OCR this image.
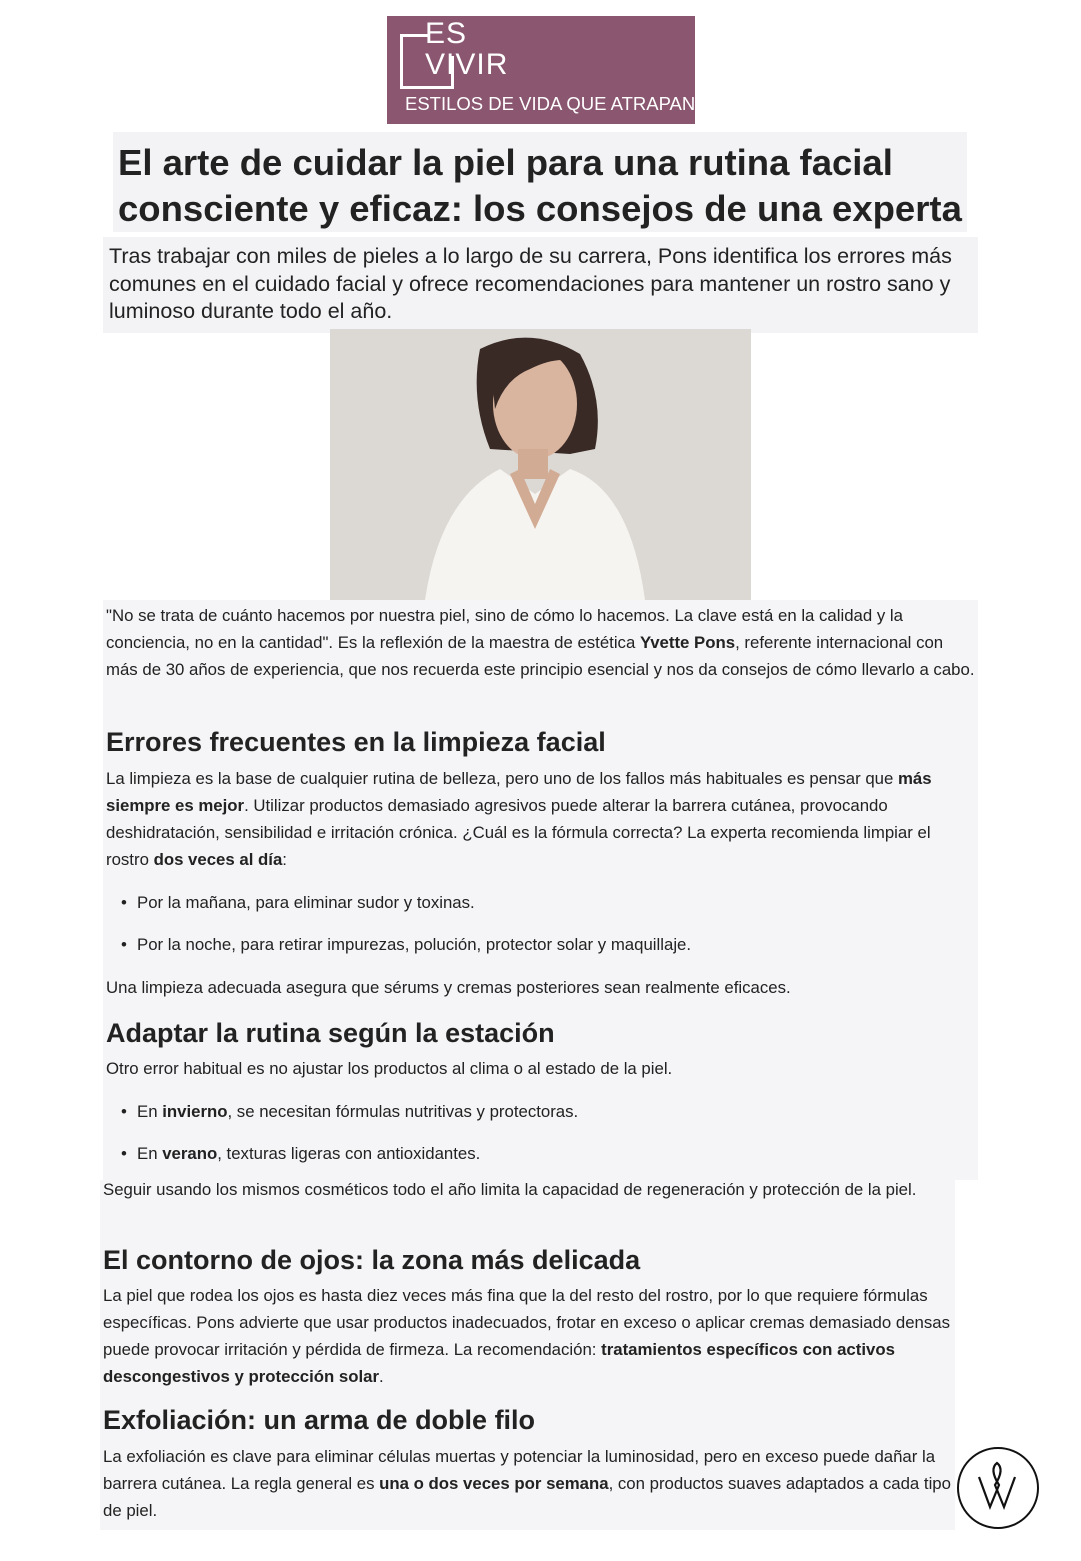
ES
VIVIR
ESTILOS DE VIDA QUE ATRAPAN
El arte de cuidar la piel para una rutina facial consciente y eficaz: los consejos de una experta

Tras trabajar con miles de pieles a lo largo de su carrera, Pons identifica los errores más comunes en el cuidado facial y ofrece recomendaciones para mantener un rostro sano y luminoso durante todo el año.

"No se trata de cuánto hacemos por nuestra piel, sino de cómo lo hacemos. La clave está en la calidad y la conciencia, no en la cantidad". Es la reflexión de la maestra de estética Yvette Pons, referente internacional con más de 30 años de experiencia, que nos recuerda este principio esencial y nos da consejos de cómo llevarlo a cabo.

Errores frecuentes en la limpieza facial

La limpieza es la base de cualquier rutina de belleza, pero uno de los fallos más habituales es pensar que más siempre es mejor. Utilizar productos demasiado agresivos puede alterar la barrera cutánea, provocando deshidratación, sensibilidad e irritación crónica. ¿Cuál es la fórmula correcta? La experta recomienda limpiar el rostro dos veces al día:

• Por la mañana, para eliminar sudor y toxinas.

• Por la noche, para retirar impurezas, polución, protector solar y maquillaje.

Una limpieza adecuada asegura que sérums y cremas posteriores sean realmente eficaces.

Adaptar la rutina según la estación

Otro error habitual es no ajustar los productos al clima o al estado de la piel.

• En invierno, se necesitan fórmulas nutritivas y protectoras.

• En verano, texturas ligeras con antioxidantes.

Seguir usando los mismos cosméticos todo el año limita la capacidad de regeneración y protección de la piel.

El contorno de ojos: la zona más delicada

La piel que rodea los ojos es hasta diez veces más fina que la del resto del rostro, por lo que requiere fórmulas específicas. Pons advierte que usar productos inadecuados, frotar en exceso o aplicar cremas demasiado densas puede provocar irritación y pérdida de firmeza. La recomendación: tratamientos específicos con activos descongestivos y protección solar.

Exfoliación: un arma de doble filo

La exfoliación es clave para eliminar células muertas y potenciar la luminosidad, pero en exceso puede dañar la barrera cutánea. La regla general es una o dos veces por semana, con productos suaves adaptados a cada tipo de piel.
